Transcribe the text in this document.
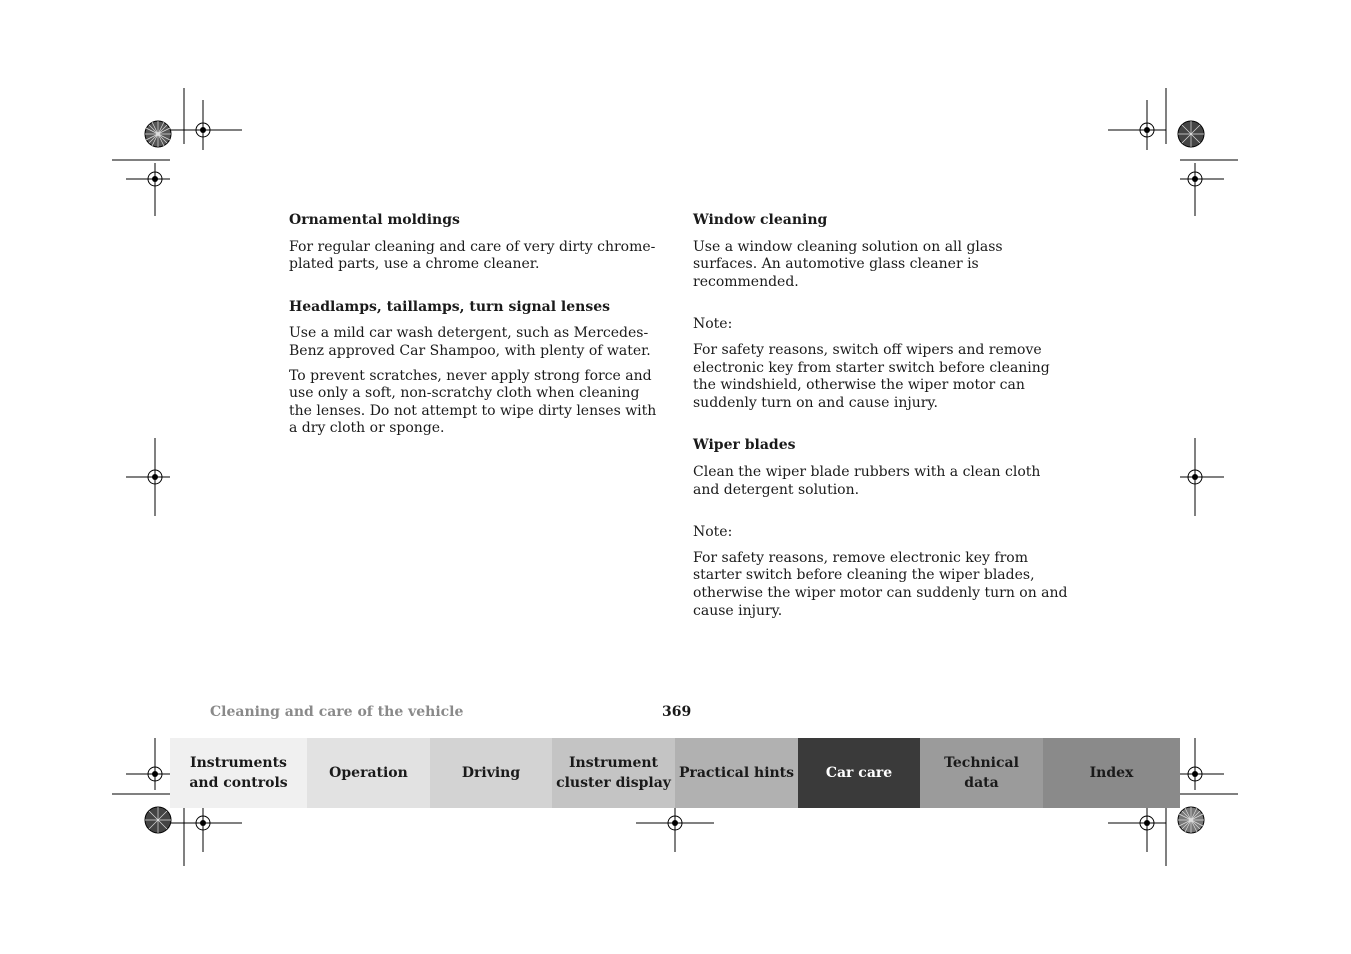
Ornamental moldings

For regular cleaning and care of very dirty chrome-plated parts, use a chrome cleaner.

Headlamps, taillamps, turn signal lenses

Use a mild car wash detergent, such as Mercedes-Benz approved Car Shampoo, with plenty of water.

To prevent scratches, never apply strong force and use only a soft, non-scratchy cloth when cleaning the lenses. Do not attempt to wipe dirty lenses with a dry cloth or sponge.

Window cleaning

Use a window cleaning solution on all glass surfaces. An automotive glass cleaner is recommended.

Note:

For safety reasons, switch off wipers and remove electronic key from starter switch before cleaning the windshield, otherwise the wiper motor can suddenly turn on and cause injury.

Wiper blades

Clean the wiper blade rubbers with a clean cloth and detergent solution.

Note:

For safety reasons, remove electronic key from starter switch before cleaning the wiper blades, otherwise the wiper motor can suddenly turn on and cause injury.

Cleaning and care of the vehicle	369
Instruments
and controls
Operation	Driving
Instrument
cluster display
Practical hints	Car care
Technical
data
Index
